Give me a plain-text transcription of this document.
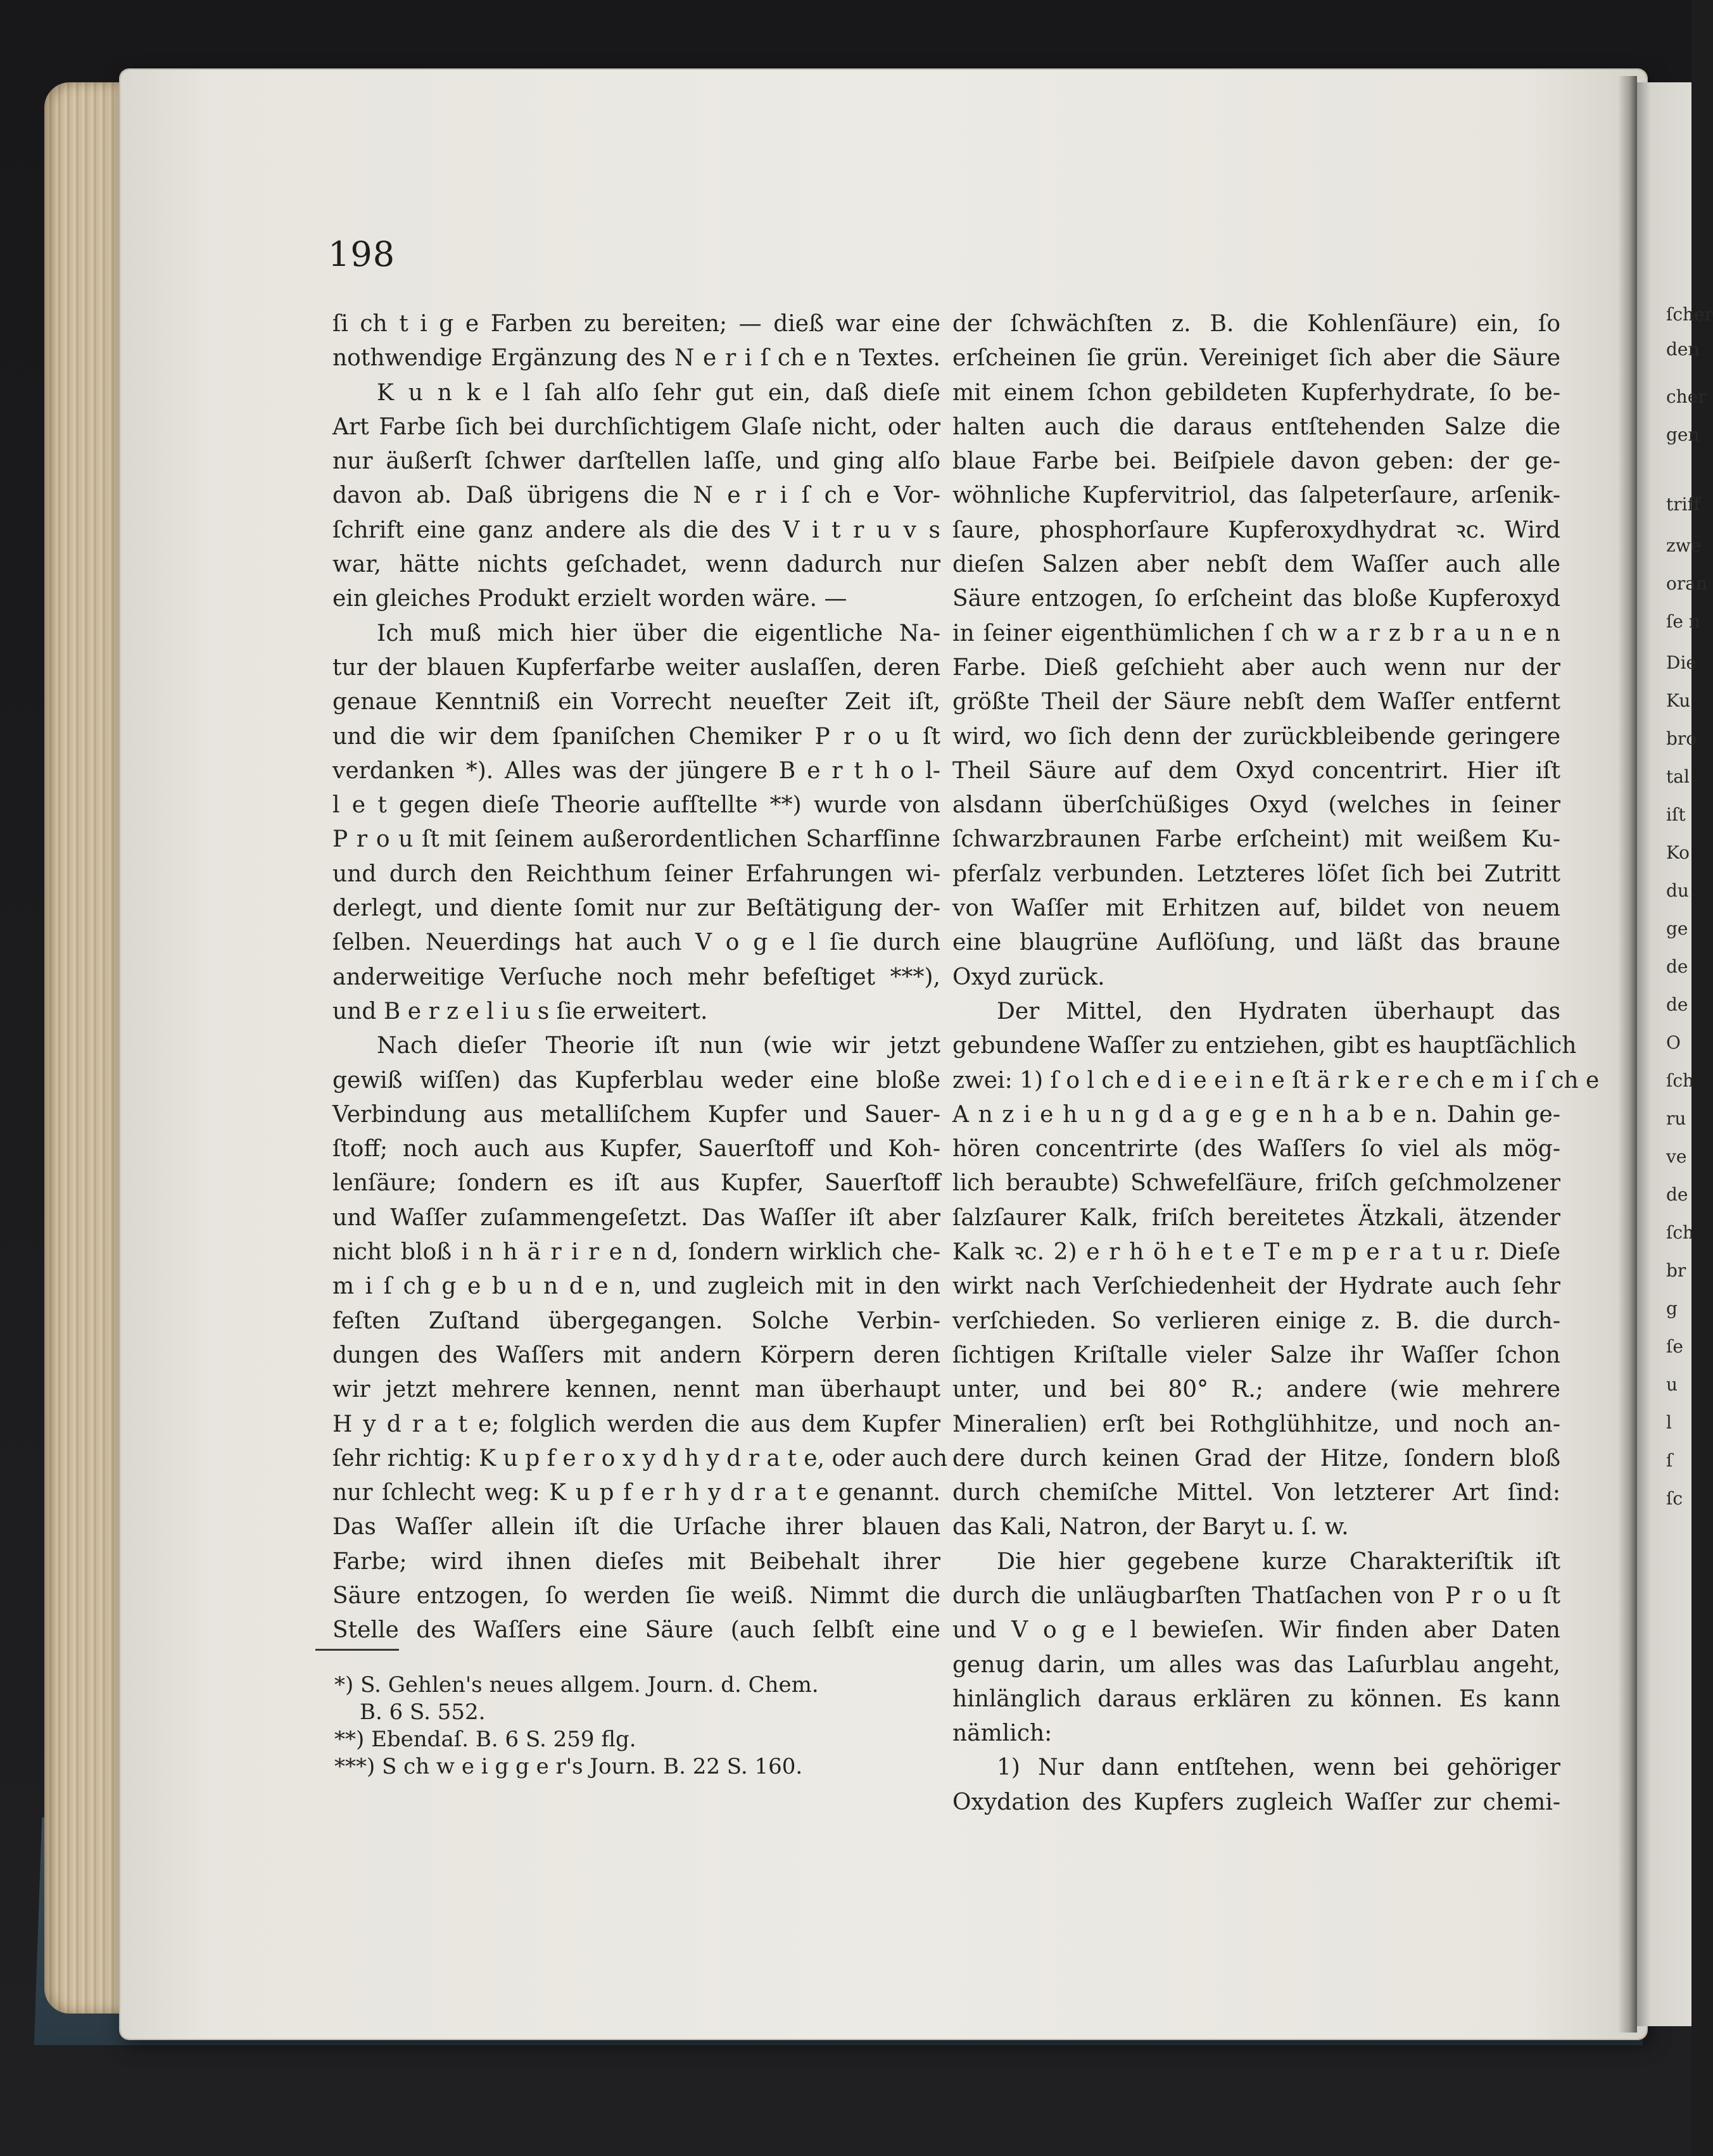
ſcher
den
cher
gen
triff
zwe
oran
ſe n
Die
Ku
bro
tal
iſt
Ko
du
ge
de
de
O
ſch
ru
ve
de
ſch
br
g
ſe
u
l
ſ
ſc
198
ſi ch t i g e Farben zu bereiten; — dieß war eine
nothwendige Ergänzung des N e r i ſ ch e n Textes.
K u n k e l ſah alſo ſehr gut ein, daß dieſe
Art Farbe ſich bei durchſichtigem Glaſe nicht, oder
nur äußerſt ſchwer darſtellen laſſe, und ging alſo
davon ab. Daß übrigens die N e r i ſ ch e Vor-
ſchrift eine ganz andere als die des V i t r u v s
war, hätte nichts geſchadet, wenn dadurch nur
ein gleiches Produkt erzielt worden wäre. —
Ich muß mich hier über die eigentliche Na-
tur der blauen Kupferfarbe weiter auslaſſen, deren
genaue Kenntniß ein Vorrecht neueſter Zeit iſt,
und die wir dem ſpaniſchen Chemiker P r o u ſt
verdanken *). Alles was der jüngere B e r t h o l-
l e t gegen dieſe Theorie aufſtellte **) wurde von
P r o u ſt mit ſeinem außerordentlichen Scharfſinne
und durch den Reichthum ſeiner Erfahrungen wi-
derlegt, und diente ſomit nur zur Beſtätigung der-
ſelben. Neuerdings hat auch V o g e l ſie durch
anderweitige Verſuche noch mehr befeſtiget ***),
und B e r z e l i u s ſie erweitert.
Nach dieſer Theorie iſt nun (wie wir jetzt
gewiß wiſſen) das Kupferblau weder eine bloße
Verbindung aus metalliſchem Kupfer und Sauer-
ſtoff; noch auch aus Kupfer, Sauerſtoff und Koh-
lenſäure; ſondern es iſt aus Kupfer, Sauerſtoff
und Waſſer zuſammengeſetzt. Das Waſſer iſt aber
nicht bloß i n h ä r i r e n d, ſondern wirklich che-
m i ſ ch g e b u n d e n, und zugleich mit in den
feſten Zuſtand übergegangen. Solche Verbin-
dungen des Waſſers mit andern Körpern deren
wir jetzt mehrere kennen, nennt man überhaupt
H y d r a t e; folglich werden die aus dem Kupfer
ſehr richtig: K u p f e r o x y d h y d r a t e, oder auch
nur ſchlecht weg: K u p f e r h y d r a t e genannt.
Das Waſſer allein iſt die Urſache ihrer blauen
Farbe; wird ihnen dieſes mit Beibehalt ihrer
Säure entzogen, ſo werden ſie weiß. Nimmt die
Stelle des Waſſers eine Säure (auch ſelbſt eine
der ſchwächſten z. B. die Kohlenſäure) ein, ſo
erſcheinen ſie grün. Vereiniget ſich aber die Säure
mit einem ſchon gebildeten Kupferhydrate, ſo be-
halten auch die daraus entſtehenden Salze die
blaue Farbe bei. Beiſpiele davon geben: der ge-
wöhnliche Kupfervitriol, das ſalpeterſaure, arſenik-
ſaure, phosphorſaure Kupferoxydhydrat ꝛc. Wird
dieſen Salzen aber nebſt dem Waſſer auch alle
Säure entzogen, ſo erſcheint das bloße Kupferoxyd
in ſeiner eigenthümlichen ſ ch w a r z b r a u n e n
Farbe. Dieß geſchieht aber auch wenn nur der
größte Theil der Säure nebſt dem Waſſer entfernt
wird, wo ſich denn der zurückbleibende geringere
Theil Säure auf dem Oxyd concentrirt. Hier iſt
alsdann überſchüßiges Oxyd (welches in ſeiner
ſchwarzbraunen Farbe erſcheint) mit weißem Ku-
pferſalz verbunden. Letzteres löſet ſich bei Zutritt
von Waſſer mit Erhitzen auf, bildet von neuem
eine blaugrüne Auflöſung, und läßt das braune
Oxyd zurück.
Der Mittel, den Hydraten überhaupt das
gebundene Waſſer zu entziehen, gibt es hauptſächlich
zwei: 1) ſ o l ch e d i e e i n e ſt ä r k e r e ch e m i ſ ch e
A n z i e h u n g d a g e g e n h a b e n. Dahin ge-
hören concentrirte (des Waſſers ſo viel als mög-
lich beraubte) Schwefelſäure, friſch geſchmolzener
ſalzſaurer Kalk, friſch bereitetes Ätzkali, ätzender
Kalk ꝛc. 2) e r h ö h e t e T e m p e r a t u r. Dieſe
wirkt nach Verſchiedenheit der Hydrate auch ſehr
verſchieden. So verlieren einige z. B. die durch-
ſichtigen Kriſtalle vieler Salze ihr Waſſer ſchon
unter, und bei 80° R.; andere (wie mehrere
Mineralien) erſt bei Rothglühhitze, und noch an-
dere durch keinen Grad der Hitze, ſondern bloß
durch chemiſche Mittel. Von letzterer Art ſind:
das Kali, Natron, der Baryt u. ſ. w.
Die hier gegebene kurze Charakteriſtik iſt
durch die unläugbarſten Thatſachen von P r o u ſt
und V o g e l bewieſen. Wir finden aber Daten
genug darin, um alles was das Laſurblau angeht,
hinlänglich daraus erklären zu können. Es kann
nämlich:
1) Nur dann entſtehen, wenn bei gehöriger
Oxydation des Kupfers zugleich Waſſer zur chemi-
*) S. Gehlen's neues allgem. Journ. d. Chem.
B. 6 S. 552.
**) Ebendaſ. B. 6 S. 259 flg.
***) S ch w e i g g e r's Journ. B. 22 S. 160.
